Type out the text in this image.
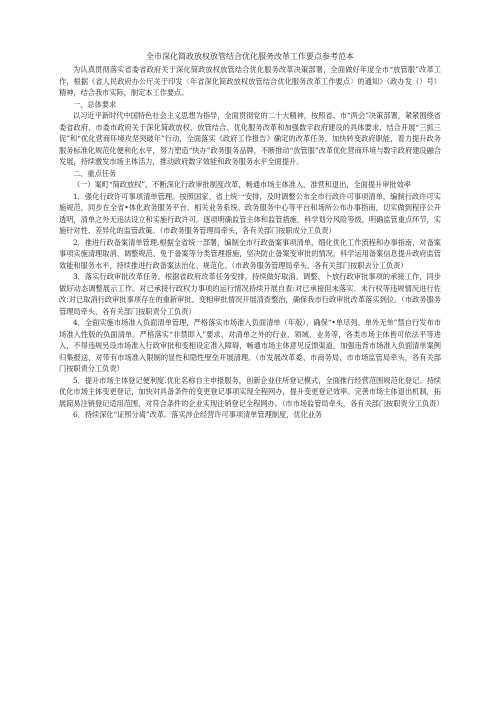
全市深化简政放权放管结合优化服务改革工作要点参考范本

为认真贯彻落实省委省政府关于深化简政放权放管结合优化服务改革决策部署，全面做好年度全市“放管服”改革工作，根据《省人民政府办公厅关于印发〈年省深化简政放权放管结合优化服务改革工作要点〉的通知》（政办发（）号）精神，结合我市实际，制定本工作要点。

一、总体要求

以习近平新时代中国特色社会主义思想为指导，全面贯彻党的二十大精神，按照省、市“两会”决策部署，紧紧围绕省委省政府、市委市政府关于深化简政放权、放管结合、优化服务改革和加强数字政府建设的具体要求，结合开展“三抓三促”和“优化营商环境攻坚突破年”行动，全面落实《政府工作报告》确定的改革任务，加快转变政府职能，着力提升政务服务标准化规范化便利化水平，努力塑造“快办”政务服务品牌，不断推动“放管服”改革优化营商环境与数字政府建设融合发展，持续激发市场主体活力，推动政府数字效能和政务服务水平全面提升。

二、重点任务

（一）案町“简政放权”，不断深化行政审批制度改革，畅通市场主体准入、准营和退出，全面提升审批效率

1．强化行政许可事项清单管理。按照国家、省上统一安排，及时调整公布全市行政许可事项清单，编制行政许可实施规范，同步在全省•体化政务服务平台、相关业务系统、政务服务中心等平台和场所公布办事指南，切实做到程序公开透明，清单之外无违法设立和实施行政许可。逐项明确监管主体和监管措施，科学划分风险等级，明确监管重点环节，实施针对性、差异化的监管政策。（市政务服务管理局牵头，各有关部门按职成分工负责）

2．推进行政备案清单管理.根据全省统一部署，编制全市行政备案事项清单，细化优化工作流程和办事指南，对备案事项实施清理取消、调整规范、免于备案等分类管理措施，坚决防止备案变审批的情况，科学运用备案信息提升政府监管效能和服务水平，持续推进行政备案法治化、规范化。（市政务服务管理局牵头，各有关部门按职去分工负责）

3．落实行政审批改革任务。根据省政府改革任务安排，持续做好取消、调整、卜放行政审批事项的承接工作，同步做好动态调整展示工作。对已承接行政权力事项的运行情况持续开展自查:对已承接但未落实、未行权等违规情况进行佐改:对已取消行政审批事项存在的重新审批、变相审批情况开展清查整治，确保我市行政审批改革落实到位。（市政务服务管理局牵头，各有关部门按职责分工负责）

4．全面实施市场准入负面清单管理，严格落实市场准入负面清单（年版），确保“•单尽列、单外无单”禁自行发布市场准入性版的负面清单。严格落实“非禁即入”要求，对清单之外的行业、领域、业务等，各类市场主体皆可依法平等进入，不得违规另设市场准入行政审批和变相设定准入障碍，畅通市场主体意见反馈渠道，加强违背市场准入负面清单案例归集报送，对带有市场准入限制的显性和隐性壁垒开展清理。（市发展改革委、市商务局、市市场监管局牵头，各有关部门按职责分工负责）

5．提升市场主体登记便利度.优化名称自主申报服务，创新企业住所登记模式，全面推行经营范围规范化登记。持续优化市场主体变更登记，加快对具备条件的变更登记事项实现全程网办，提升变更登记效率。完善市场主体退出机制，拓展简易注销登记适用范围，对符合条件的企业实现注销登记全程网办。（市市场监管局牵头，各有关部门按职责分工负责）

6．持续深化“证照分离”改革。落实涉企经营许可事项清单管理制度，优化业务
